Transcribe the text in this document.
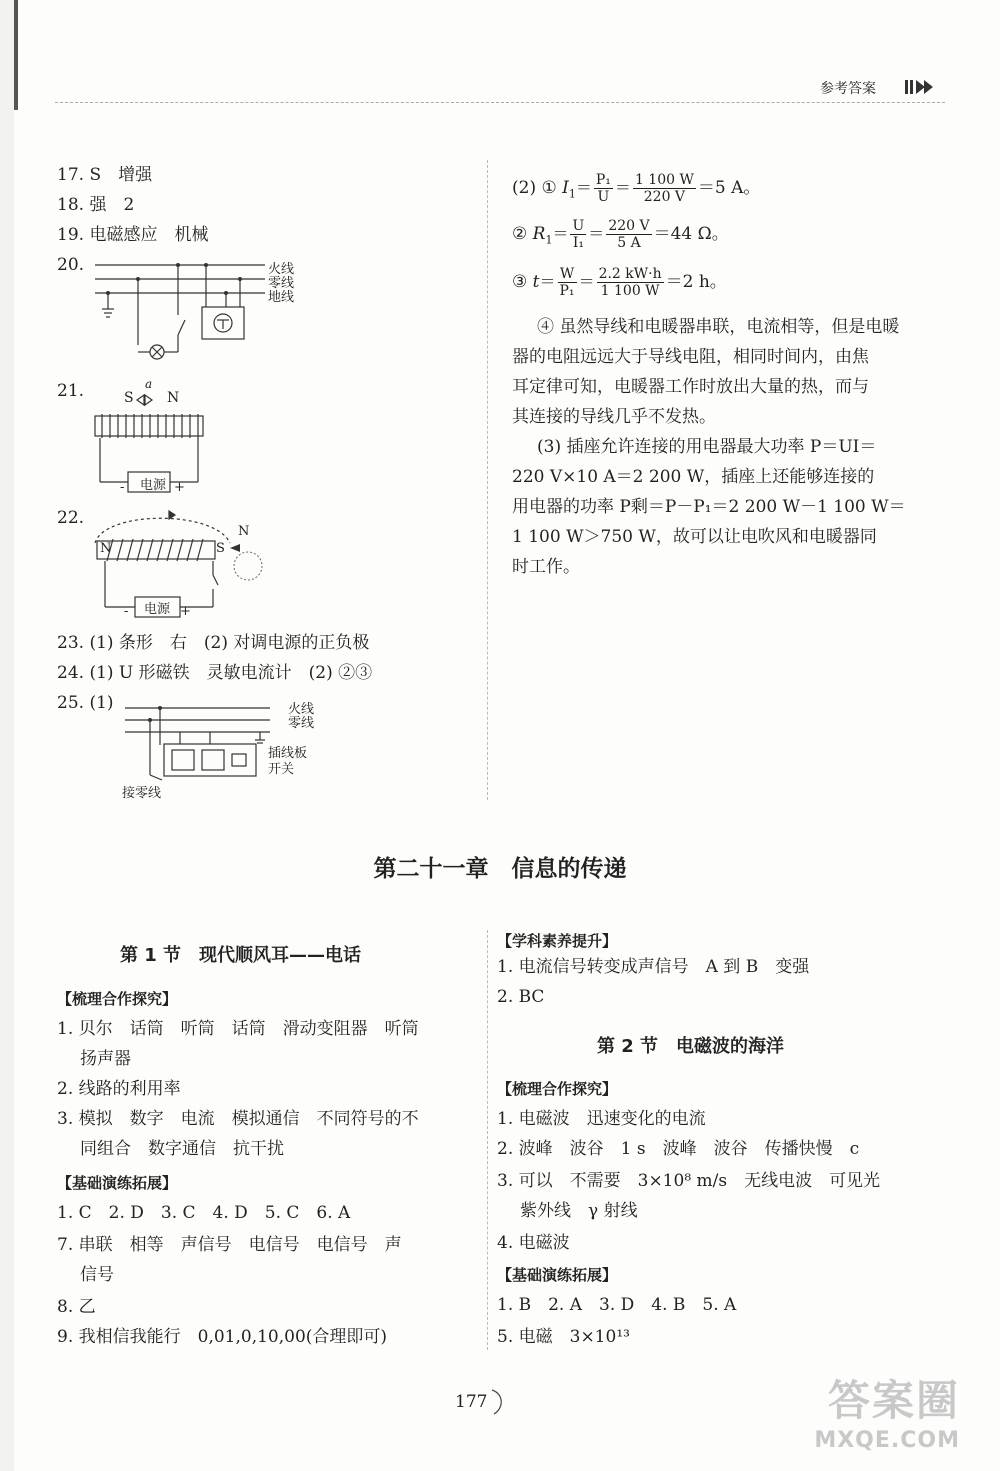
参考答案
17. S　增强
18. 强　2
19. 电磁感应　机械
20.	火线
零线
地线
21.	a
S N
电源
-	+
22.
N	S
N
电源
-	+
23. (1) 条形　右　(2) 对调电源的正负极
24. (1) U 形磁铁　灵敏电流计　(2) ②③
25. (1)	火线
零线
插线板
开关
接零线
(2) ① $I_1= \frac{\text{P₁}}{U} = \frac{1 100 W}{220 V} =5$ A。
② $R_1= \frac{U}{\text{I₁}} = \frac{220 V}{5 A} =44$ Ω。
③ $t= \frac{W}{\text{P₁}} = \frac{2.2 kW\cdot h}{1 100 W} =2$ h。
④ 虽然导线和电暖器串联，电流相等，但是电暖
器的电阻远远大于导线电阻，相同时间内，由焦
耳定律可知，电暖器工作时放出大量的热，而与
其连接的导线几乎不发热。
(3) 插座允许连接的用电器最大功率 P＝UI＝
220 V×10 A＝2 200 W，插座上还能够连接的
用电器的功率 P剩＝P－P₁＝2 200 W－1 100 W＝
1 100 W＞750 W，故可以让电吹风和电暖器同
时工作。
第二十一章　信息的传递
第 1 节　现代顺风耳——电话
【梳理合作探究】
1. 贝尔　话筒　听筒　话筒　滑动变阻器　听筒
扬声器
2. 线路的利用率
3. 模拟　数字　电流　模拟通信　不同符号的不
同组合　数字通信　抗干扰
【基础演练拓展】
1. C　2. D　3. C　4. D　5. C　6. A
7. 串联　相等　声信号　电信号　电信号　声
信号
8. 乙
9. 我相信我能行　0,01,0,10,00(合理即可)
【学科素养提升】
1. 电流信号转变成声信号　A 到 B　变强
2. BC
第 2 节　电磁波的海洋
【梳理合作探究】
1. 电磁波　迅速变化的电流
2. 波峰　波谷　1 s　波峰　波谷　传播快慢　c
3. 可以　不需要　3×10⁸ m/s　无线电波　可见光
紫外线　γ 射线
4. 电磁波
【基础演练拓展】
1. B　2. A　3. D　4. B　5. A
5. 电磁　3×10¹³
177	答案圈
MXQE.COM
